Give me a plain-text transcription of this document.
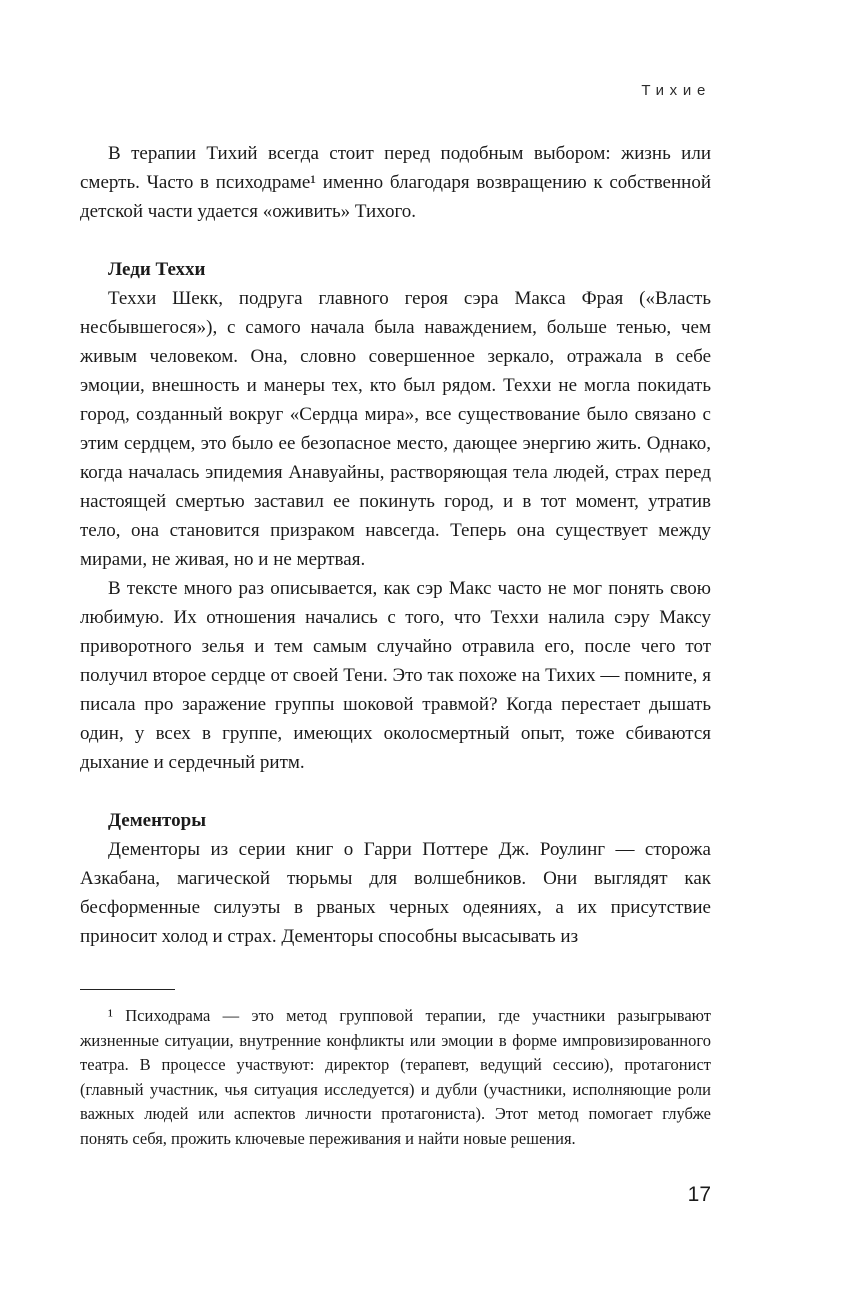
Тихие

В терапии Тихий всегда стоит перед подобным выбором: жизнь или смерть. Часто в психодраме¹ именно благодаря возвращению к собственной детской части удается «оживить» Тихого.

Леди Теххи

Теххи Шекк, подруга главного героя сэра Макса Фрая («Власть несбывшегося»), с самого начала была наваждением, больше тенью, чем живым человеком. Она, словно совершенное зеркало, отражала в себе эмоции, внешность и манеры тех, кто был рядом. Теххи не могла покидать город, созданный вокруг «Сердца мира», все существование было связано с этим сердцем, это было ее безопасное место, дающее энергию жить. Однако, когда началась эпидемия Анавуайны, растворяющая тела людей, страх перед настоящей смертью заставил ее покинуть город, и в тот момент, утратив тело, она становится призраком навсегда. Теперь она существует между мирами, не живая, но и не мертвая.

В тексте много раз описывается, как сэр Макс часто не мог понять свою любимую. Их отношения начались с того, что Теххи налила сэру Максу приворотного зелья и тем самым случайно отравила его, после чего тот получил второе сердце от своей Тени. Это так похоже на Тихих — помните, я писала про заражение группы шоковой травмой? Когда перестает дышать один, у всех в группе, имеющих околосмертный опыт, тоже сбиваются дыхание и сердечный ритм.

Дементоры

Дементоры из серии книг о Гарри Поттере Дж. Роулинг — сторожа Азкабана, магической тюрьмы для волшебников. Они выглядят как бесформенные силуэты в рваных черных одеяниях, а их присутствие приносит холод и страх. Дементоры способны высасывать из

¹ Психодрама — это метод групповой терапии, где участники разыгрывают жизненные ситуации, внутренние конфликты или эмоции в форме импровизированного театра. В процессе участвуют: директор (терапевт, ведущий сессию), протагонист (главный участник, чья ситуация исследуется) и дубли (участники, исполняющие роли важных людей или аспектов личности протагониста). Этот метод помогает глубже понять себя, прожить ключевые переживания и найти новые решения.

17
